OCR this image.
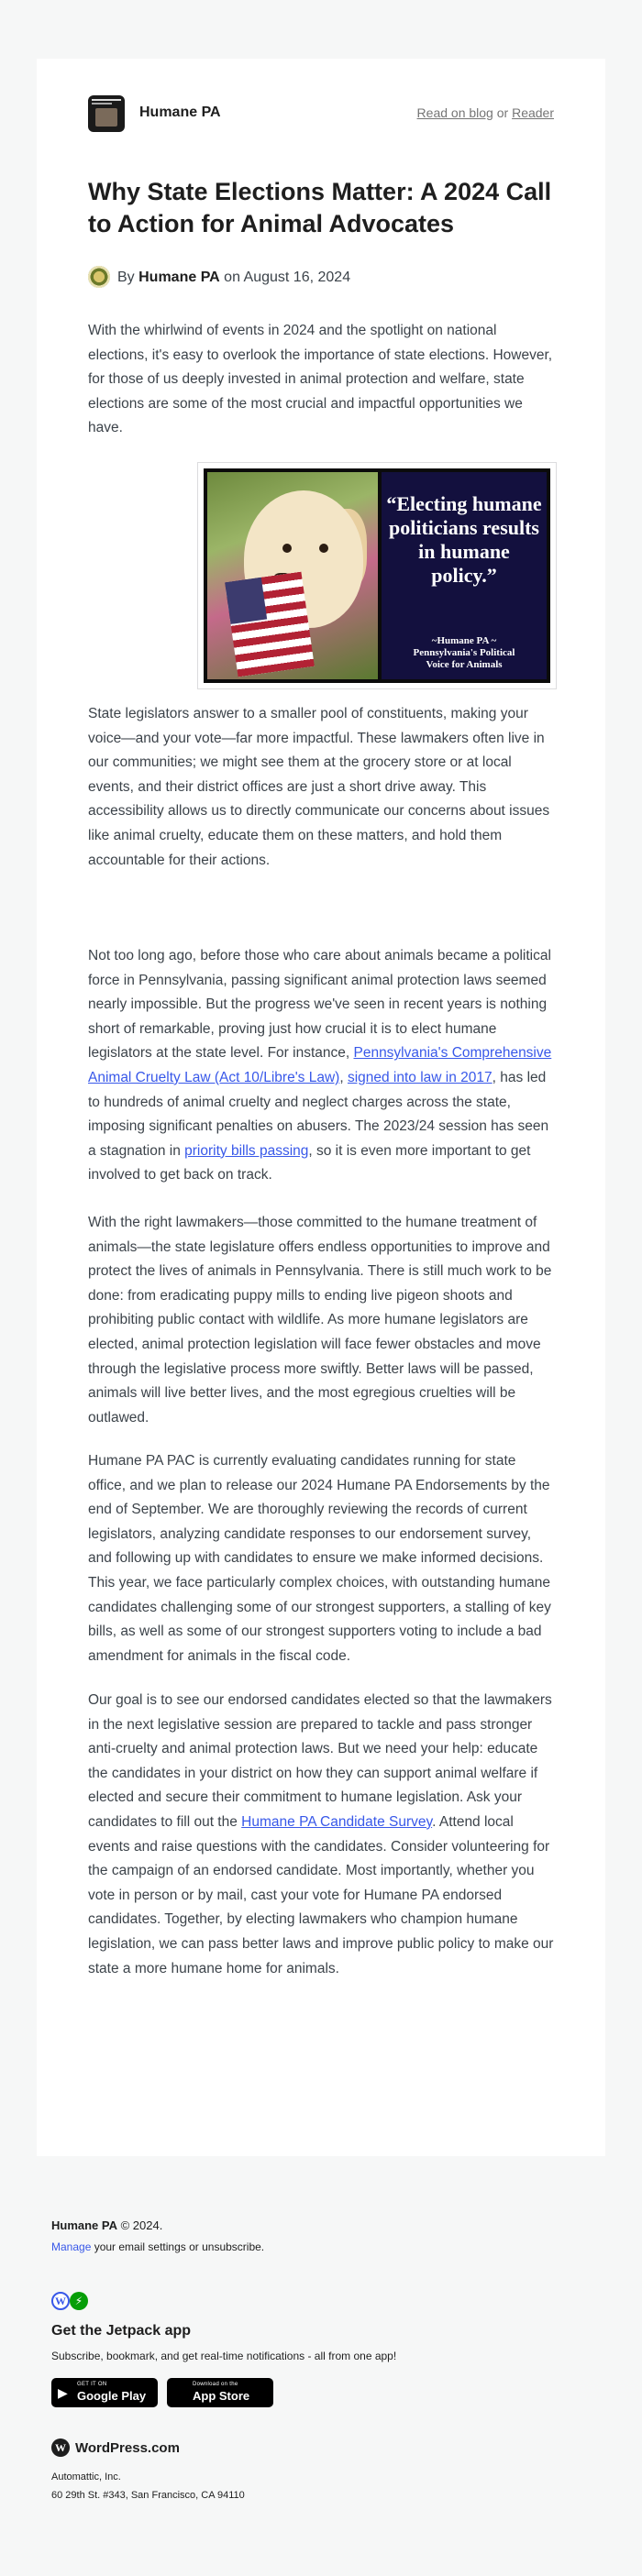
Humane PA	Read on blog or Reader
Why State Elections Matter: A 2024 Call to Action for Animal Advocates
By Humane PA on August 16, 2024

With the whirlwind of events in 2024 and the spotlight on national elections, it's easy to overlook the importance of state elections. However, for those of us deeply invested in animal protection and welfare, state elections are some of the most crucial and impactful opportunities we have.

“Electing humane politicians results in humane policy.”
~Humane PA ~
Pennsylvania's Political
Voice for Animals

State legislators answer to a smaller pool of constituents, making your voice—and your vote—far more impactful. These lawmakers often live in our communities; we might see them at the grocery store or at local events, and their district offices are just a short drive away. This accessibility allows us to directly communicate our concerns about issues like animal cruelty, educate them on these matters, and hold them accountable for their actions.

Not too long ago, before those who care about animals became a political force in Pennsylvania, passing significant animal protection laws seemed nearly impossible. But the progress we've seen in recent years is nothing short of remarkable, proving just how crucial it is to elect humane legislators at the state level. For instance, Pennsylvania's Comprehensive Animal Cruelty Law (Act 10/Libre's Law), signed into law in 2017, has led to hundreds of animal cruelty and neglect charges across the state, imposing significant penalties on abusers. The 2023/24 session has seen a stagnation in priority bills passing, so it is even more important to get involved to get back on track.

With the right lawmakers—those committed to the humane treatment of animals—the state legislature offers endless opportunities to improve and protect the lives of animals in Pennsylvania. There is still much work to be done: from eradicating puppy mills to ending live pigeon shoots and prohibiting public contact with wildlife. As more humane legislators are elected, animal protection legislation will face fewer obstacles and move through the legislative process more swiftly. Better laws will be passed, animals will live better lives, and the most egregious cruelties will be outlawed.

Humane PA PAC is currently evaluating candidates running for state office, and we plan to release our 2024 Humane PA Endorsements by the end of September. We are thoroughly reviewing the records of current legislators, analyzing candidate responses to our endorsement survey, and following up with candidates to ensure we make informed decisions. This year, we face particularly complex choices, with outstanding humane candidates challenging some of our strongest supporters, a stalling of key bills, as well as some of our strongest supporters voting to include a bad amendment for animals in the fiscal code.

Our goal is to see our endorsed candidates elected so that the lawmakers in the next legislative session are prepared to tackle and pass stronger anti-cruelty and animal protection laws. But we need your help: educate the candidates in your district on how they can support animal welfare if elected and secure their commitment to humane legislation. Ask your candidates to fill out the Humane PA Candidate Survey. Attend local events and raise questions with the candidates. Consider volunteering for the campaign of an endorsed candidate. Most importantly, whether you vote in person or by mail, cast your vote for Humane PA endorsed candidates. Together, by electing lawmakers who champion humane legislation, we can pass better laws and improve public policy to make our state a more humane home for animals.

Humane PA © 2024.
Manage your email settings or unsubscribe.
W ⚡
Get the Jetpack app
Subscribe, bookmark, and get real-time notifications - all from one app!
▶
GET IT ON
Google Play
Download on the
App Store
W WordPress.com
Automattic, Inc.
60 29th St. #343, San Francisco, CA 94110
